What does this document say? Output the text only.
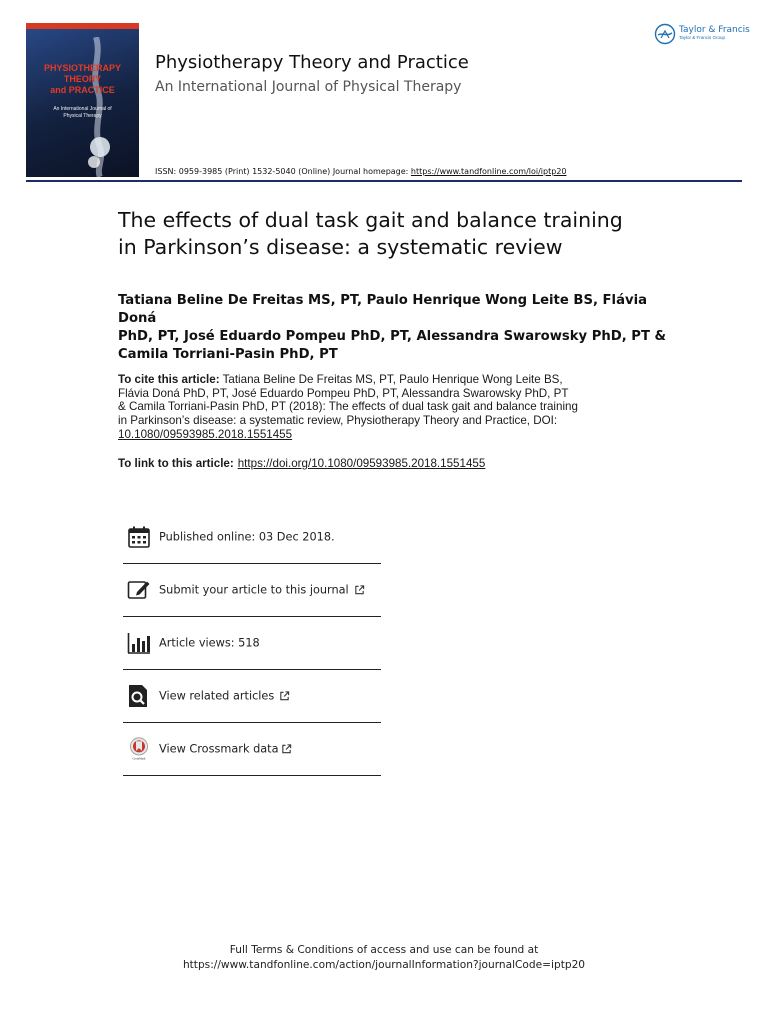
PHYSIOTHERAPY THEORY
and PRACTICE
An International Journal of
Physical Therapy
Physiotherapy Theory and Practice
An International Journal of Physical Therapy
Taylor & Francis
Taylor & Francis Group
ISSN: 0959-3985 (Print) 1532-5040 (Online) Journal homepage: https://www.tandfonline.com/loi/iptp20
The effects of dual task gait and balance training
in Parkinson’s disease: a systematic review
Tatiana Beline De Freitas MS, PT, Paulo Henrique Wong Leite BS, Flávia Doná
PhD, PT, José Eduardo Pompeu PhD, PT, Alessandra Swarowsky PhD, PT &
Camila Torriani-Pasin PhD, PT
To cite this article: Tatiana Beline De Freitas MS, PT, Paulo Henrique Wong Leite BS,
Flávia Doná PhD, PT, José Eduardo Pompeu PhD, PT, Alessandra Swarowsky PhD, PT
& Camila Torriani-Pasin PhD, PT (2018): The effects of dual task gait and balance training
in Parkinson’s disease: a systematic review, Physiotherapy Theory and Practice, DOI:
10.1080/09593985.2018.1551455
To link to this article: https://doi.org/10.1080/09593985.2018.1551455
Published online: 03 Dec 2018.
Submit your article to this journal
Article views: 518
View related articles
CrossMark
View Crossmark data
Full Terms & Conditions of access and use can be found at
https://www.tandfonline.com/action/journalInformation?journalCode=iptp20
